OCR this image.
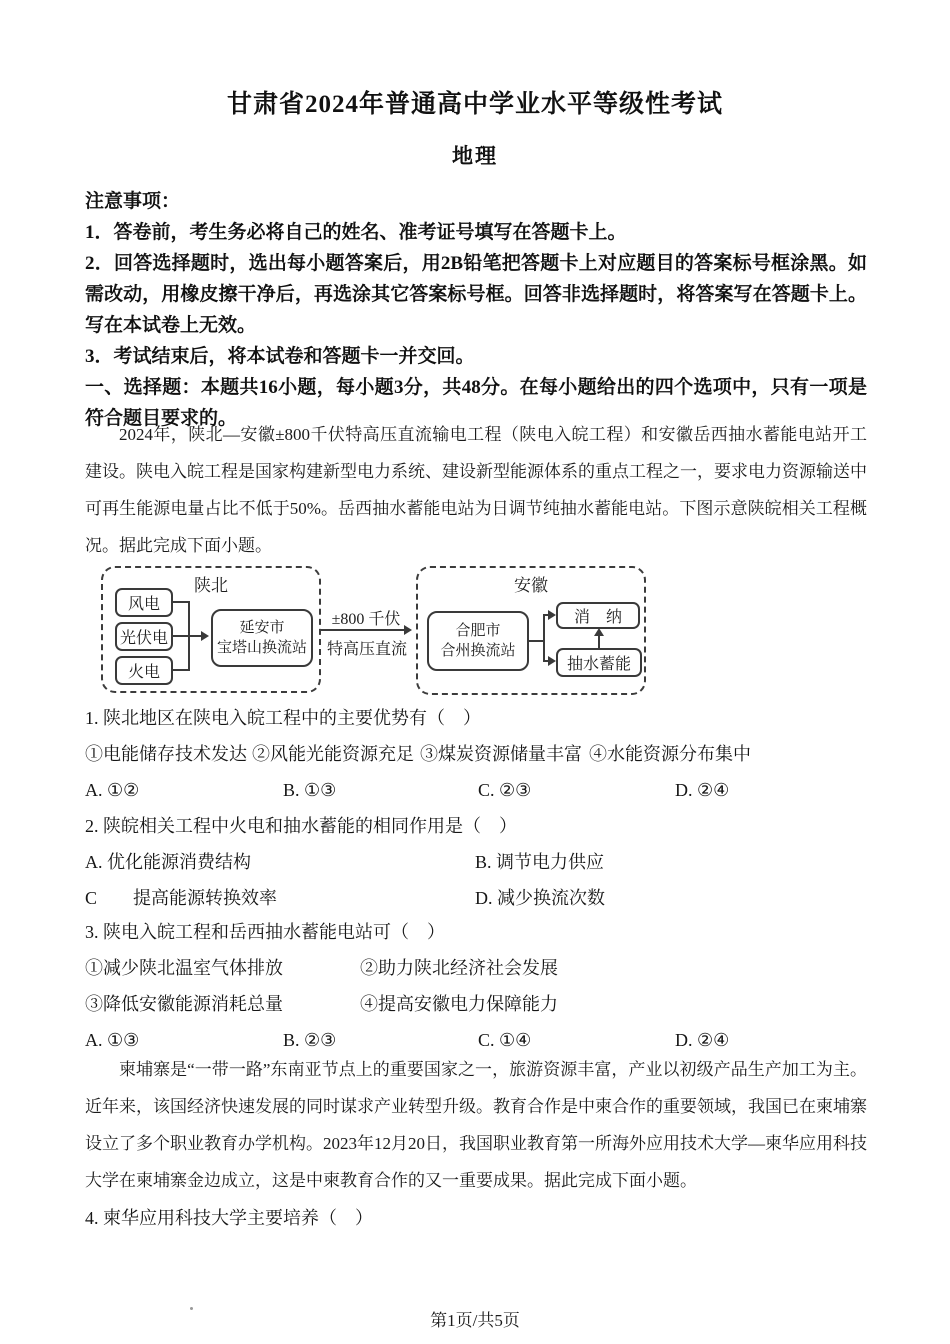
甘肃省2024年普通高中学业水平等级性考试
地理

注意事项：

1．答卷前，考生务必将自己的姓名、准考证号填写在答题卡上。

2．回答选择题时，选出每小题答案后，用2B铅笔把答题卡上对应题目的答案标号框涂黑。如需改动，用橡皮擦干净后，再选涂其它答案标号框。回答非选择题时，将答案写在答题卡上。写在本试卷上无效。

3．考试结束后，将本试卷和答题卡一并交回。

一、选择题：本题共16小题，每小题3分，共48分。在每小题给出的四个选项中，只有一项是符合题目要求的。

2024年，陕北—安徽±800千伏特高压直流输电工程（陕电入皖工程）和安徽岳西抽水蓄能电站开工建设。陕电入皖工程是国家构建新型电力系统、建设新型能源体系的重点工程之一，要求电力资源输送中可再生能源电量占比不低于50%。岳西抽水蓄能电站为日调节纯抽水蓄能电站。下图示意陕皖相关工程概况。据此完成下面小题。
陕北
风电
光伏电
火电
延安市
宝塔山换流站
±800 千伏
特高压直流
安徽
合肥市
合州换流站
消　纳
抽水蓄能
1. 陕北地区在陕电入皖工程中的主要优势有（　）
①电能储存技术发达 ②风能光能资源充足 ③煤炭资源储量丰富 ④水能资源分布集中
A. ①②	B. ①③	C. ②③	D. ②④
2. 陕皖相关工程中火电和抽水蓄能的相同作用是（　）
A. 优化能源消费结构	B. 调节电力供应
C　　提高能源转换效率	D. 减少换流次数
3. 陕电入皖工程和岳西抽水蓄能电站可（　）
①减少陕北温室气体排放	②助力陕北经济社会发展
③降低安徽能源消耗总量	④提高安徽电力保障能力
A. ①③	B. ②③	C. ①④	D. ②④
柬埔寨是“一带一路”东南亚节点上的重要国家之一，旅游资源丰富，产业以初级产品生产加工为主。近年来，该国经济快速发展的同时谋求产业转型升级。教育合作是中柬合作的重要领域，我国已在柬埔寨设立了多个职业教育办学机构。2023年12月20日，我国职业教育第一所海外应用技术大学—柬华应用科技大学在柬埔寨金边成立，这是中柬教育合作的又一重要成果。据此完成下面小题。
4. 柬华应用科技大学主要培养（　）
第1页/共5页
